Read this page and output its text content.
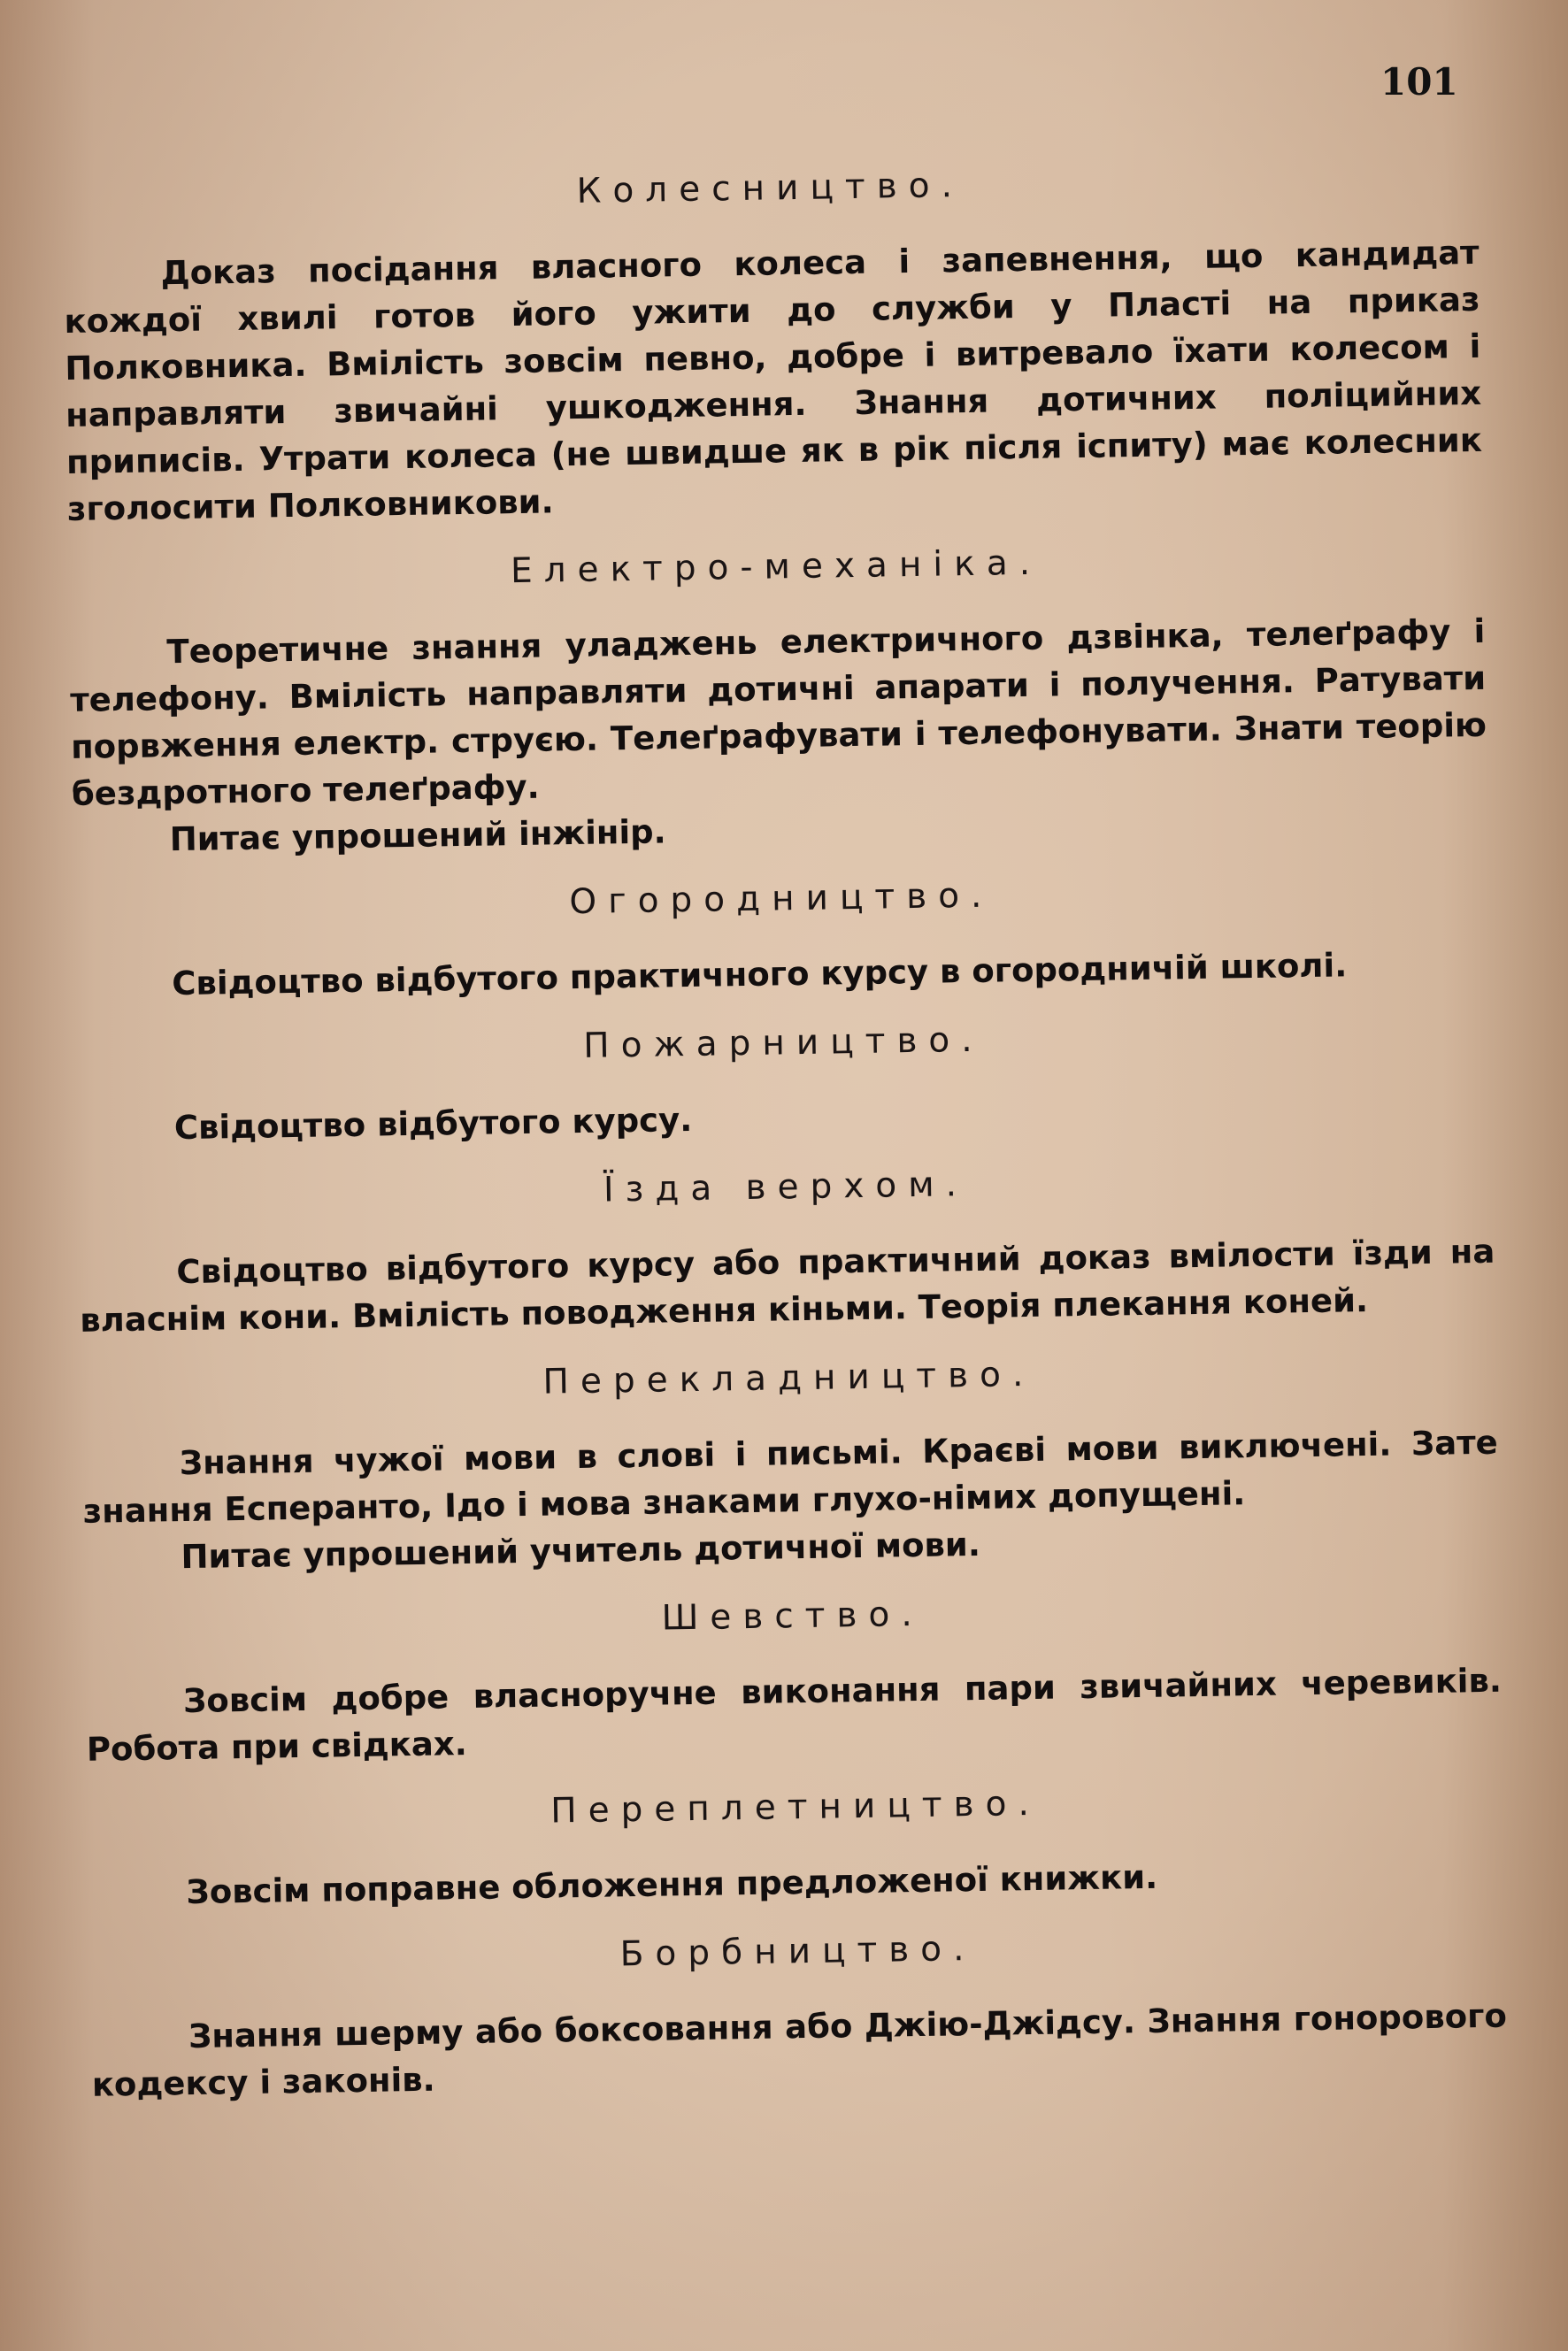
101
Колесництво.

Доказ посідання власного колеса і запевнення, що кандидат кождої хвилі готов його ужити до служби у Пласті на приказ Полковника. Вмілість зовсім певно, добре і витревало їхати колесом і направляти звичайні ушкодження. Знання дотичних поліцийних приписів. Утрати колеса (не швидше як в рік після іспиту) має колесник зголосити Полковникови.

Електро-механіка.

Теоретичне знання уладжень електричного дзвінка, телеґрафу і телефону. Вмілість направляти дотичні апарати і получення. Ратувати порвження електр. струєю. Телеґрафувати і телефонувати. Знати теорію бездротного телеґрафу.

Питає упрошений інжінір.

Огородництво.

Свідоцтво відбутого практичного курсу в огородничій школі.

Пожарництво.

Свідоцтво відбутого курсу.

Їзда верхом.

Свідоцтво відбутого курсу або практичний доказ вмілости їзди на власнім кони. Вмілість поводження кіньми. Теорія плекання коней.

Перекладництво.

Знання чужої мови в слові і письмі. Краєві мови виключені. Зате знання Есперанто, Ідо і мова знаками глухо-німих допущені.

Питає упрошений учитель дотичної мови.

Шевство.

Зовсім добре власноручне виконання пари звичайних черевиків. Робота при свідках.

Переплетництво.

Зовсім поправне обложення предложеної книжки.

Борбництво.

Знання шерму або боксовання або Джію-Джідсу. Знання гонорового кодексу і законів.
